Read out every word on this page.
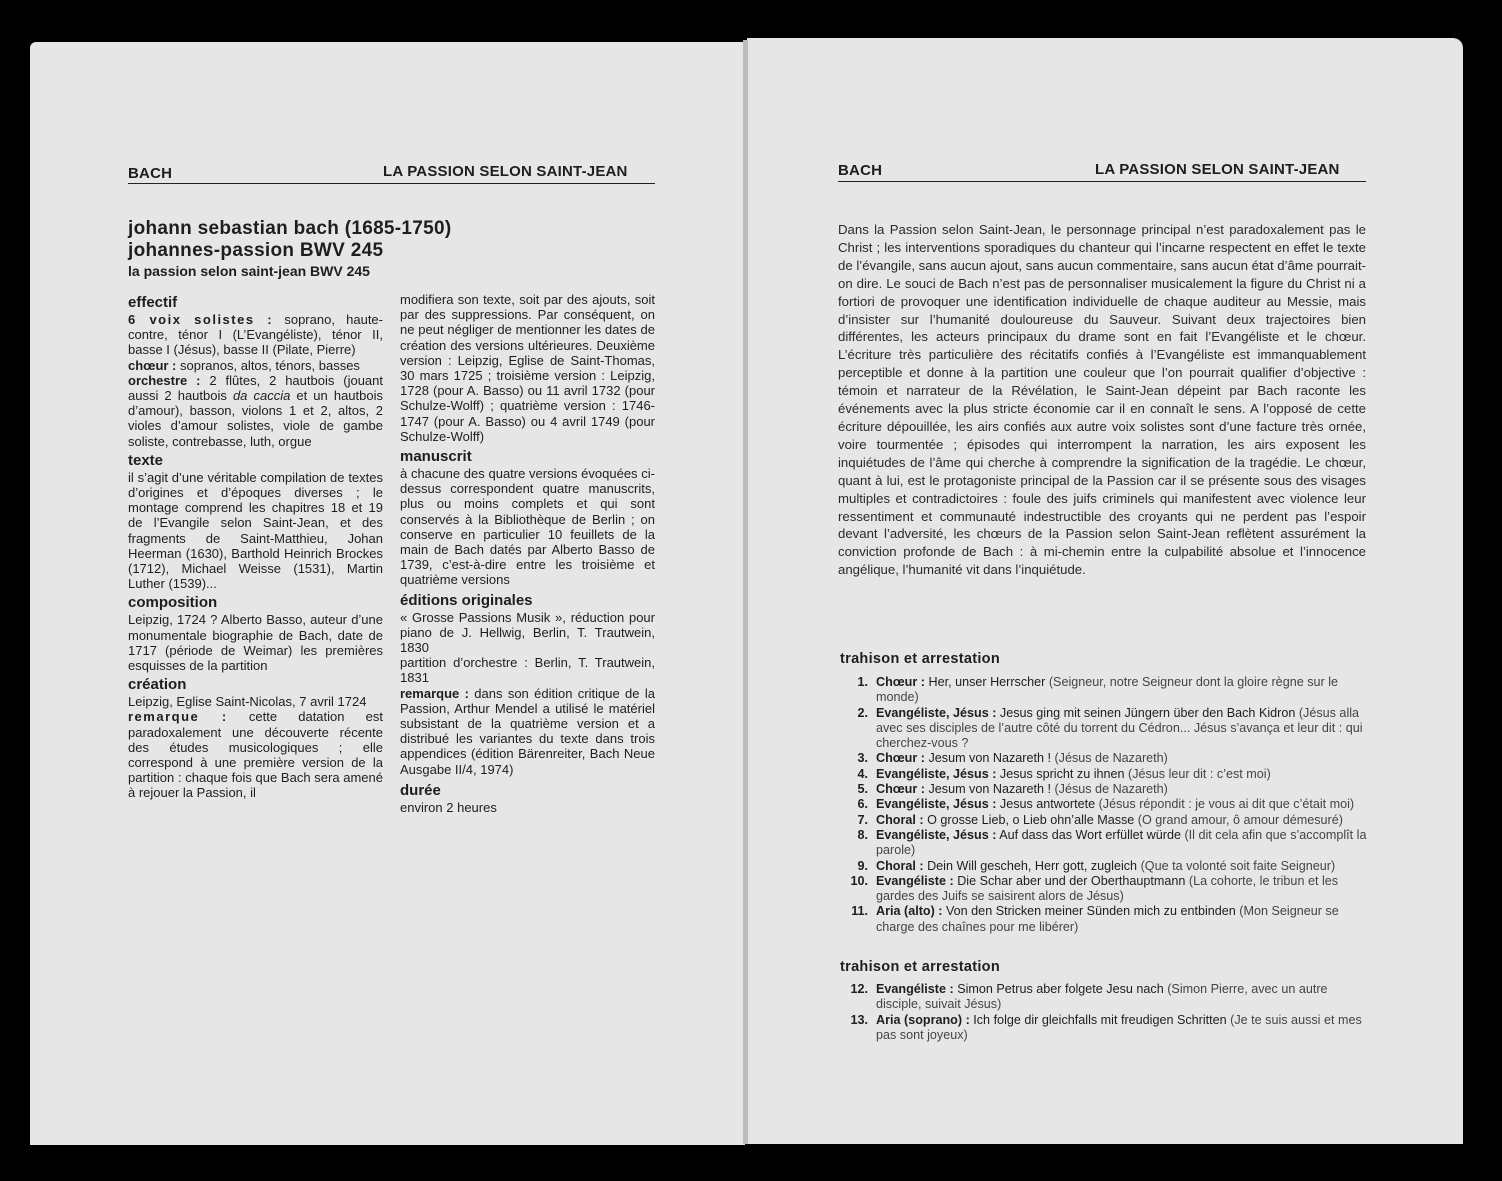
BACH	LA PASSION SELON SAINT-JEAN
johann sebastian bach (1685-1750)
johannes-passion BWV 245
la passion selon saint-jean BWV 245
effectif

6 voix solistes : soprano, haute-contre, ténor I (L’Evangéliste), ténor II, basse I (Jésus), basse II (Pilate, Pierre)

chœur : sopranos, altos, ténors, basses

orchestre : 2 flûtes, 2 hautbois (jouant aussi 2 hautbois da caccia et un hautbois d’amour), basson, violons 1 et 2, altos, 2 violes d’amour solistes, viole de gambe soliste, contrebasse, luth, orgue

texte

il s’agit d’une véritable compilation de textes d’origines et d’époques diverses ; le montage comprend les chapitres 18 et 19 de l’Evangile selon Saint-Jean, et des fragments de Saint-Matthieu, Johan Heerman (1630), Barthold Heinrich Brockes (1712), Michael Weisse (1531), Martin Luther (1539)...

composition

Leipzig, 1724 ? Alberto Basso, auteur d’une monumentale biographie de Bach, date de 1717 (période de Weimar) les premières esquisses de la partition

création

Leipzig, Eglise Saint-Nicolas, 7 avril 1724

remarque : cette datation est paradoxalement une découverte récente des études musicologiques ; elle correspond à une première version de la partition : chaque fois que Bach sera amené à rejouer la Passion, il

modifiera son texte, soit par des ajouts, soit par des suppressions. Par conséquent, on ne peut négliger de mentionner les dates de création des versions ultérieures. Deuxième version : Leipzig, Eglise de Saint-Thomas, 30 mars 1725 ; troisième version : Leipzig, 1728 (pour A. Basso) ou 11 avril 1732 (pour Schulze-Wolff) ; quatrième version : 1746-1747 (pour A. Basso) ou 4 avril 1749 (pour Schulze-Wolff)

manuscrit

à chacune des quatre versions évoquées ci-dessus correspondent quatre manuscrits, plus ou moins complets et qui sont conservés à la Bibliothèque de Berlin ; on conserve en particulier 10 feuillets de la main de Bach datés par Alberto Basso de 1739, c’est-à-dire entre les troisième et quatrième versions

éditions originales

« Grosse Passions Musik », réduction pour piano de J. Hellwig, Berlin, T. Trautwein, 1830

partition d’orchestre : Berlin, T. Trautwein, 1831

remarque : dans son édition critique de la Passion, Arthur Mendel a utilisé le matériel subsistant de la quatrième version et a distribué les variantes du texte dans trois appendices (édition Bärenreiter, Bach Neue Ausgabe II/4, 1974)

durée

environ 2 heures

BACH	LA PASSION SELON SAINT-JEAN

Dans la Passion selon Saint-Jean, le personnage principal n’est paradoxalement pas le Christ ; les interventions sporadiques du chanteur qui l’incarne respectent en effet le texte de l’évangile, sans aucun ajout, sans aucun commentaire, sans aucun état d’âme pourrait-on dire. Le souci de Bach n’est pas de personnaliser musicalement la figure du Christ ni a fortiori de provoquer une identification individuelle de chaque auditeur au Messie, mais d’insister sur l’humanité douloureuse du Sauveur. Suivant deux trajectoires bien différentes, les acteurs principaux du drame sont en fait l’Evangéliste et le chœur. L’écriture très particulière des récitatifs confiés à l’Evangéliste est immanquablement perceptible et donne à la partition une couleur que l’on pourrait qualifier d’objective : témoin et narrateur de la Révélation, le Saint-Jean dépeint par Bach raconte les événements avec la plus stricte économie car il en connaît le sens. A l’opposé de cette écriture dépouillée, les airs confiés aux autre voix solistes sont d’une facture très ornée, voire tourmentée ; épisodes qui interrompent la narration, les airs exposent les inquiétudes de l’âme qui cherche à comprendre la signification de la tragédie. Le chœur, quant à lui, est le protagoniste principal de la Passion car il se présente sous des visages multiples et contradictoires : foule des juifs criminels qui manifestent avec violence leur ressentiment et communauté indestructible des croyants qui ne perdent pas l’espoir devant l’adversité, les chœurs de la Passion selon Saint-Jean reflètent assurément la conviction profonde de Bach : à mi-chemin entre la culpabilité absolue et l’innocence angélique, l’humanité vit dans l’inquiétude.

trahison et arrestation
1. Chœur : Her, unser Herrscher (Seigneur, notre Seigneur dont la gloire règne sur le monde)
2. Evangéliste, Jésus : Jesus ging mit seinen Jüngern über den Bach Kidron (Jésus alla avec ses disciples de l’autre côté du torrent du Cédron... Jésus s’avança et leur dit : qui cherchez-vous ?
3. Chœur : Jesum von Nazareth ! (Jésus de Nazareth)
4. Evangéliste, Jésus : Jesus spricht zu ihnen (Jésus leur dit : c’est moi)
5. Chœur : Jesum von Nazareth ! (Jésus de Nazareth)
6. Evangéliste, Jésus : Jesus antwortete (Jésus répondit : je vous ai dit que c’était moi)
7. Choral : O grosse Lieb, o Lieb ohn’alle Masse (O grand amour, ô amour démesuré)
8. Evangéliste, Jésus : Auf dass das Wort erfüllet würde (Il dit cela afin que s’accomplît la parole)
9. Choral : Dein Will gescheh, Herr gott, zugleich (Que ta volonté soit faite Seigneur)
10. Evangéliste : Die Schar aber und der Oberthauptmann (La cohorte, le tribun et les gardes des Juifs se saisirent alors de Jésus)
11. Aria (alto) : Von den Stricken meiner Sünden mich zu entbinden (Mon Seigneur se charge des chaînes pour me libérer)
trahison et arrestation
12. Evangéliste : Simon Petrus aber folgete Jesu nach (Simon Pierre, avec un autre disciple, suivait Jésus)
13. Aria (soprano) : Ich folge dir gleichfalls mit freudigen Schritten (Je te suis aussi et mes pas sont joyeux)
